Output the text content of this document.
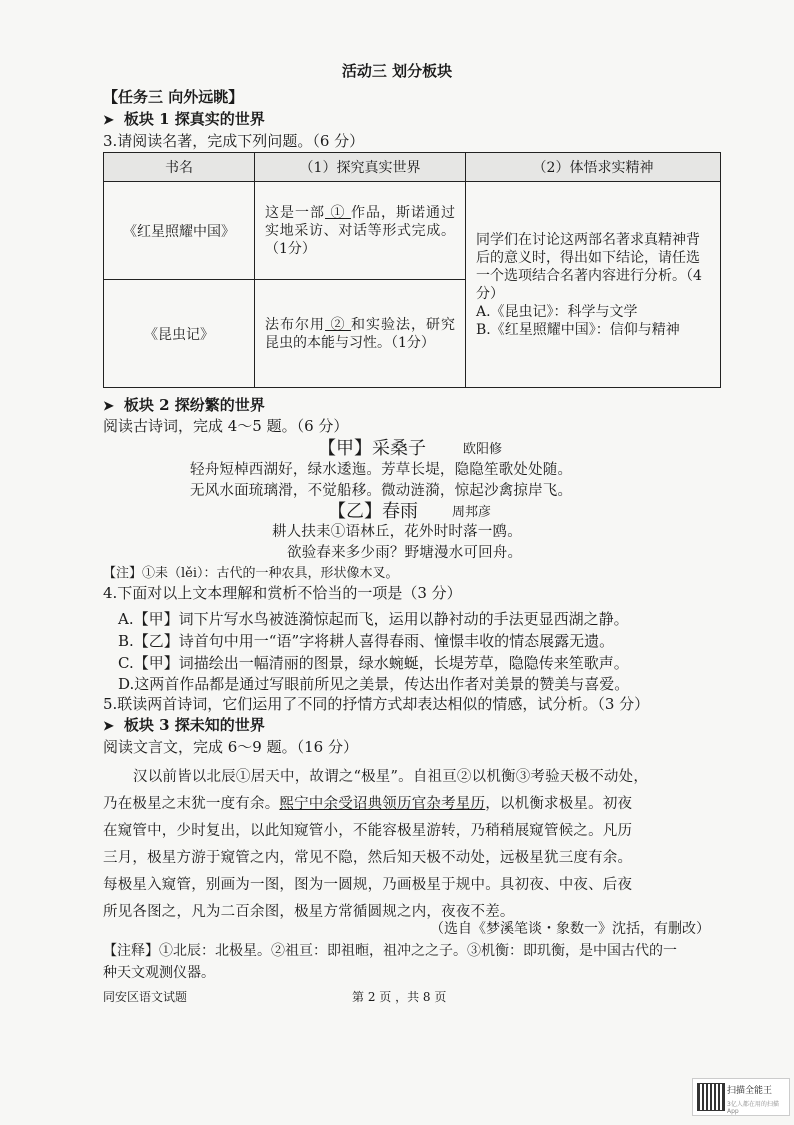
活动三 划分板块
【任务三 向外远眺】
➤ 板块 1 探真实的世界
3.请阅读名著，完成下列问题。（6 分）
书名	（1）探究真实世界	（2）体悟求实精神
《红星照耀中国》	这是一部 ① 作品，斯诺通过实地采访、对话等形式完成。（1分）	同学们在讨论这两部名著求真精神背后的意义时，得出如下结论，请任选一个选项结合名著内容进行分析。（4 分）
A.《昆虫记》：科学与文学
B.《红星照耀中国》：信仰与精神

《昆虫记》	法布尔用 ② 和实验法，研究昆虫的本能与习性。（1分）	
➤ 板块 2 探纷繁的世界
阅读古诗词，完成 4～5 题。（6 分）
【甲】采桑子	欧阳修
轻舟短棹西湖好，绿水逶迤。芳草长堤，隐隐笙歌处处随。
无风水面琉璃滑，不觉船移。微动涟漪，惊起沙禽掠岸飞。
【乙】春雨	周邦彦
耕人扶耒①语林丘，花外时时落一鸥。
欲验春来多少雨？野塘漫水可回舟。
【注】①耒（lěi）：古代的一种农具，形状像木叉。
4.下面对以上文本理解和赏析不恰当的一项是（3 分）
A.【甲】词下片写水鸟被涟漪惊起而飞，运用以静衬动的手法更显西湖之静。
B.【乙】诗首句中用一“语”字将耕人喜得春雨、憧憬丰收的情态展露无遗。
C.【甲】词描绘出一幅清丽的图景，绿水蜿蜒，长堤芳草，隐隐传来笙歌声。
D.这两首作品都是通过写眼前所见之美景，传达出作者对美景的赞美与喜爱。
5.联读两首诗词，它们运用了不同的抒情方式却表达相似的情感，试分析。（3 分）
➤ 板块 3 探未知的世界
阅读文言文，完成 6～9 题。（16 分）
汉以前皆以北辰①居天中，故谓之“极星”。自祖亘②以机衡③考验天极不动处，
乃在极星之末犹一度有余。熙宁中余受诏典领历官杂考星历，以机衡求极星。初夜
在窥管中，少时复出，以此知窥管小，不能容极星游转，乃稍稍展窥管候之。凡历
三月，极星方游于窥管之内，常见不隐，然后知天极不动处，远极星犹三度有余。
每极星入窥管，别画为一图，图为一圆规，乃画极星于规中。具初夜、中夜、后夜
所见各图之，凡为二百余图，极星方常循圆规之内，夜夜不差。
（选自《梦溪笔谈・象数一》沈括，有删改）
【注释】①北辰：北极星。②祖亘：即祖暅，祖冲之之子。③机衡：即玑衡，是中国古代的一
种天文观测仪器。
同安区语文试题	第 2 页 ，共 8 页
扫描全能王
3亿人都在用的扫描App
